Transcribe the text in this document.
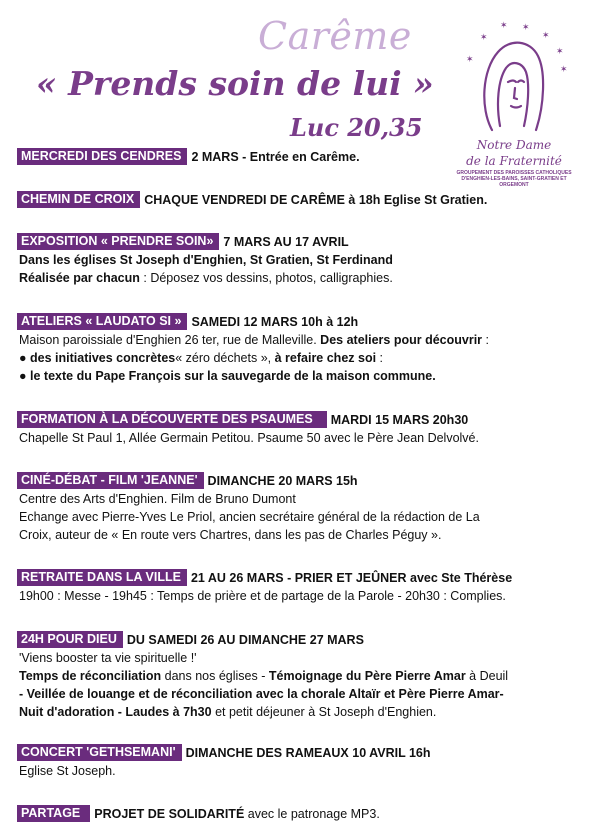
Carême
« Prends soin de lui »
Luc 20,35
✶
✶ ✶
✶
✶
✶
✶
Notre Dame
de la Fraternité
GROUPEMENT DES PAROISSES CATHOLIQUES
D'ENGHIEN-LES-BAINS, SAINT-GRATIEN ET ORGEMONT
MERCREDI DES CENDRES 2 MARS - Entrée en Carême.
CHEMIN DE CROIX CHAQUE VENDREDI DE CARÊME à 18h Eglise St Gratien.
EXPOSITION « PRENDRE SOIN» 7 MARS AU 17 AVRIL
Dans les églises St Joseph d'Enghien, St Gratien, St Ferdinand
Réalisée par chacun : Déposez vos dessins, photos, calligraphies.
ATELIERS « LAUDATO SI » SAMEDI 12 MARS 10h à 12h
Maison paroissiale d'Enghien 26 ter, rue de Malleville. Des ateliers pour découvrir :
● des initiatives concrètes« zéro déchets », à refaire chez soi :
● le texte du Pape François sur la sauvegarde de la maison commune.
FORMATION À LA DÉCOUVERTE DES PSAUMES MARDI 15 MARS 20h30
Chapelle St Paul 1, Allée Germain Petitou. Psaume 50 avec le Père Jean Delvolvé.
CINÉ-DÉBAT - FILM 'JEANNE' DIMANCHE 20 MARS 15h
Centre des Arts d'Enghien. Film de Bruno Dumont
Echange avec Pierre-Yves Le Priol, ancien secrétaire général de la rédaction de La
Croix, auteur de « En route vers Chartres, dans les pas de Charles Péguy ».
RETRAITE DANS LA VILLE 21 AU 26 MARS - PRIER ET JEÛNER avec Ste Thérèse
19h00 : Messe - 19h45 : Temps de prière et de partage de la Parole - 20h30 : Complies.
24H POUR DIEU DU SAMEDI 26 AU DIMANCHE 27 MARS
'Viens booster ta vie spirituelle !'
Temps de réconciliation dans nos églises - Témoignage du Père Pierre Amar à Deuil
- Veillée de louange et de réconciliation avec la chorale Altaïr et Père Pierre Amar-
Nuit d'adoration - Laudes à 7h30 et petit déjeuner à St Joseph d'Enghien.
CONCERT 'GETHSEMANI' DIMANCHE DES RAMEAUX 10 AVRIL 16h
Eglise St Joseph.
PARTAGE PROJET DE SOLIDARITÉ avec le patronage MP3.
